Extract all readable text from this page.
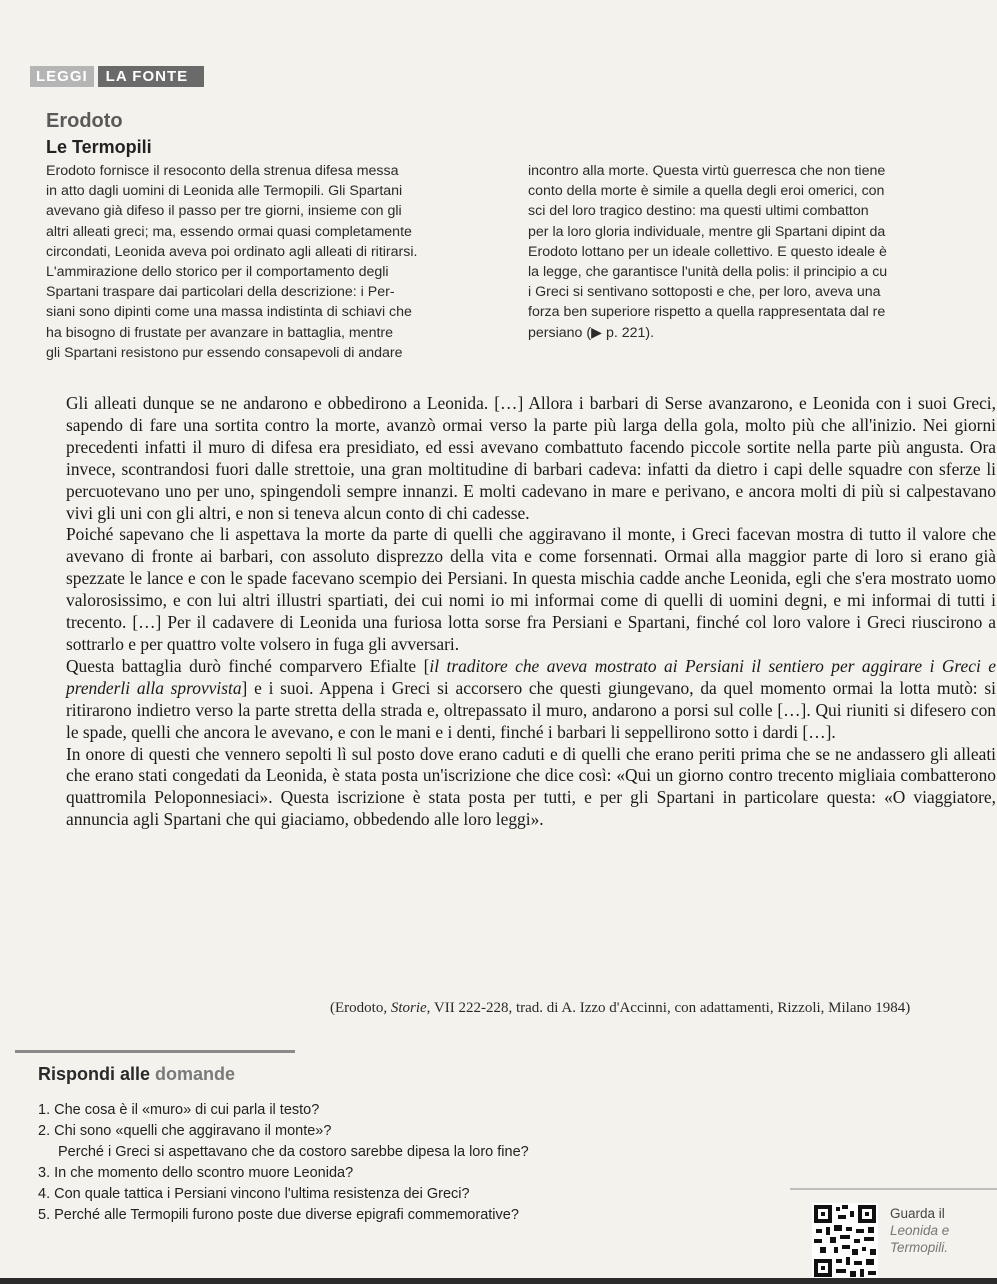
LEGGI	LA FONTE
Erodoto
Le Termopili

Erodoto fornisce il resoconto della strenua difesa messa

in atto dagli uomini di Leonida alle Termopili. Gli Spartani

avevano già difeso il passo per tre giorni, insieme con gli

altri alleati greci; ma, essendo ormai quasi completamente

circondati, Leonida aveva poi ordinato agli alleati di ritirarsi.

L'ammirazione dello storico per il comportamento degli

Spartani traspare dai particolari della descrizione: i Per-

siani sono dipinti come una massa indistinta di schiavi che

ha bisogno di frustate per avanzare in battaglia, mentre

gli Spartani resistono pur essendo consapevoli di andare

incontro alla morte. Questa virtù guerresca che non tiene

conto della morte è simile a quella degli eroi omerici, con

sci del loro tragico destino: ma questi ultimi combatton

per la loro gloria individuale, mentre gli Spartani dipint da

Erodoto lottano per un ideale collettivo. E questo ideale è

la legge, che garantisce l'unità della polis: il principio a cu

i Greci si sentivano sottoposti e che, per loro, aveva una

forza ben superiore rispetto a quella rappresentata dal re

persiano (▶ p. 221).

Gli alleati dunque se ne andarono e obbedirono a Leonida. […] Allora i barbari di Serse avanzarono, e Leonida con i suoi Greci, sapendo di fare una sortita contro la morte, avanzò ormai verso la parte più larga della gola, molto più che all'inizio. Nei giorni precedenti infatti il muro di difesa era presidiato, ed essi avevano combattuto facendo piccole sortite nella parte più angusta. Ora invece, scontrandosi fuori dalle strettoie, una gran moltitudine di barbari cadeva: infatti da dietro i capi delle squadre con sferze li percuotevano uno per uno, spingendoli sempre innanzi. E molti cadevano in mare e perivano, e ancora molti di più si calpestavano vivi gli uni con gli altri, e non si teneva alcun conto di chi cadesse.

Poiché sapevano che li aspettava la morte da parte di quelli che aggiravano il monte, i Greci facevan mostra di tutto il valore che avevano di fronte ai barbari, con assoluto disprezzo della vita e come forsennati. Ormai alla maggior parte di loro si erano già spezzate le lance e con le spade facevano scempio dei Persiani. In questa mischia cadde anche Leonida, egli che s'era mostrato uomo valorosissimo, e con lui altri illustri spartiati, dei cui nomi io mi informai come di quelli di uomini degni, e mi informai di tutti i trecento. […] Per il cadavere di Leonida una furiosa lotta sorse fra Persiani e Spartani, finché col loro valore i Greci riuscirono a sottrarlo e per quattro volte volsero in fuga gli avversari.

Questa battaglia durò finché comparvero Efialte [il traditore che aveva mostrato ai Persiani il sentiero per aggirare i Greci e prenderli alla sprovvista] e i suoi. Appena i Greci si accorsero che questi giungevano, da quel momento ormai la lotta mutò: si ritirarono indietro verso la parte stretta della strada e, oltrepassato il muro, andarono a porsi sul colle […]. Qui riuniti si difesero con le spade, quelli che ancora le avevano, e con le mani e i denti, finché i barbari li seppellirono sotto i dardi […].

In onore di questi che vennero sepolti lì sul posto dove erano caduti e di quelli che erano periti prima che se ne andassero gli alleati che erano stati congedati da Leonida, è stata posta un'iscrizione che dice così: «Qui un giorno contro trecento migliaia combatterono quattromila Peloponnesiaci». Questa iscrizione è stata posta per tutti, e per gli Spartani in particolare questa: «O viaggiatore, annuncia agli Spartani che qui giaciamo, obbedendo alle loro leggi».

(Erodoto, Storie, VII 222-228, trad. di A. Izzo d'Accinni, con adattamenti, Rizzoli, Milano 1984)
Rispondi alle domande

1. Che cosa è il «muro» di cui parla il testo?

2. Chi sono «quelli che aggiravano il monte»?

Perché i Greci si aspettavano che da costoro sarebbe dipesa la loro fine?

3. In che momento dello scontro muore Leonida?

4. Con quale tattica i Persiani vincono l'ultima resistenza dei Greci?

5. Perché alle Termopili furono poste due diverse epigrafi commemorative?	Guarda il
Leonida e
Termopili.
